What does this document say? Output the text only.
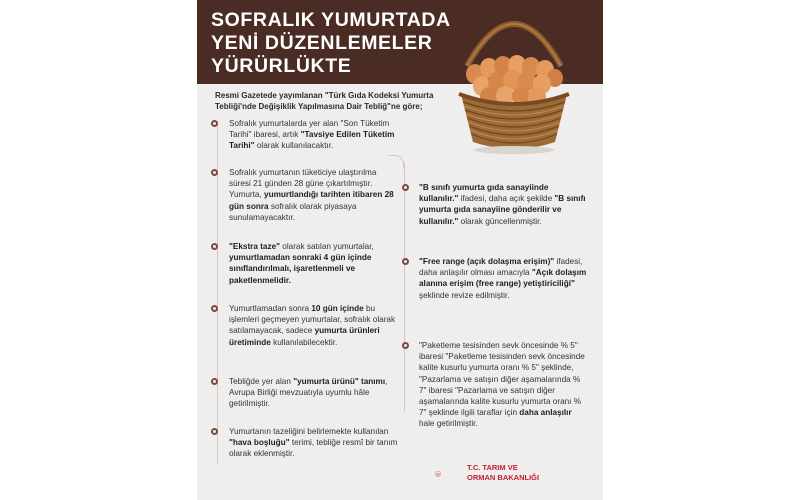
SOFRALIK YUMURTADA
YENİ DÜZENLEMELER
YÜRÜRLÜKTE
Resmi Gazetede yayımlanan "Türk Gıda Kodeksi Yumurta Tebliği'nde Değişiklik Yapılmasına Dair Tebliğ"ne göre;
Sofralık yumurtalarda yer alan "Son Tüketim Tarihi" ibaresi, artık "Tavsiye Edilen Tüketim Tarihi" olarak kullanılacaktır.
Sofralık yumurtanın tüketiciye ulaştırılma süresi 21 günden 28 güne çıkartılmıştır. Yumurta, yumurtlandığı tarihten itibaren 28 gün sonra sofralık olarak piyasaya sunulamayacaktır.
"Ekstra taze" olarak satılan yumurtalar, yumurtlamadan sonraki 4 gün içinde sınıflandırılmalı, işaretlenmeli ve paketlenmelidir.
Yumurtlamadan sonra 10 gün içinde bu işlemleri geçmeyen yumurtalar, sofralık olarak satılamayacak, sadece yumurta ürünleri üretiminde kullanılabilecektir.
Tebliğde yer alan "yumurta ürünü" tanımı, Avrupa Birliği mevzuatıyla uyumlu hâle getirilmiştir.
Yumurtanın tazeliğini belirlemekte kullanılan "hava boşluğu" terimi, tebliğe resmî bir tanım olarak eklenmiştir.
"B sınıfı yumurta gıda sanayiinde kullanılır." ifadesi, daha açık şekilde "B sınıfı yumurta gıda sanayiine gönderilir ve kullanılır." olarak güncellenmiştir.
"Free range (açık dolaşma erişim)" ifadesi, daha anlaşılır olması amacıyla "Açık dolaşım alanına erişim (free range) yetiştiriciliği" şeklinde revize edilmiştir.
"Paketleme tesisinden sevk öncesinde % 5" ibaresi "Paketleme tesisinden sevk öncesinde kalite kusurlu yumurta oranı % 5" şeklinde, "Pazarlama ve satışın diğer aşamalarında % 7" ibaresi "Pazarlama ve satışın diğer aşamalarında kalite kusurlu yumurta oranı % 7" şeklinde ilgili taraflar için daha anlaşılır hale getirilmiştir.
T.C. TARIM VE
ORMAN BAKANLIĞI
